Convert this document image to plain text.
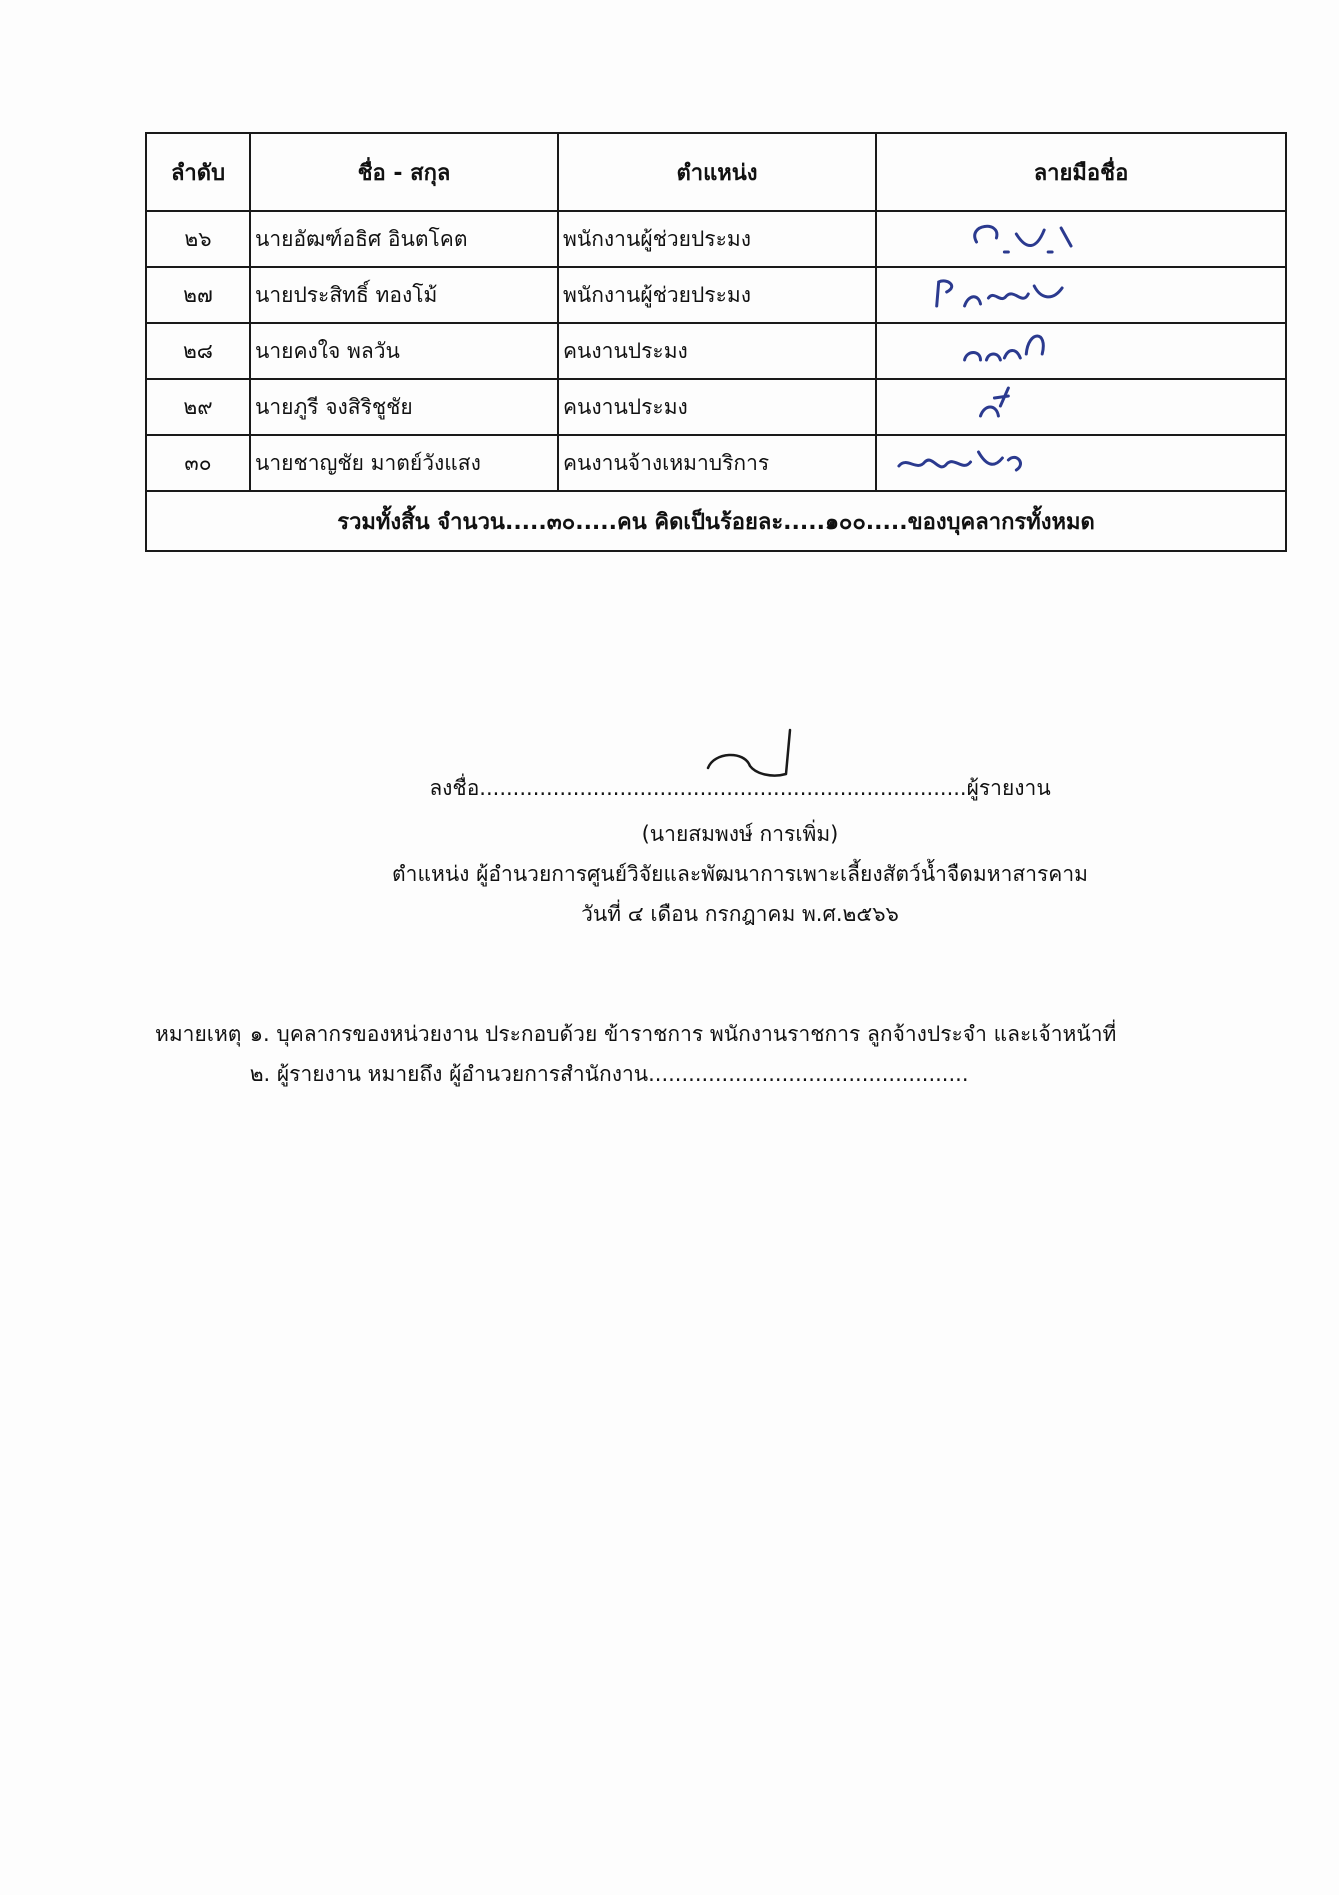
ลำดับ	ชื่อ - สกุล	ตำแหน่ง	ลายมือชื่อ
๒๖	นายอัฒฑ์อธิศ อินตโคต	พนักงานผู้ช่วยประมง	

๒๗	นายประสิทธิ์ ทองโม้	พนักงานผู้ช่วยประมง	

๒๘	นายคงใจ พลวัน	คนงานประมง	

๒๙	นายภูรี จงสิริชูชัย	คนงานประมง	

๓๐	นายชาญชัย มาตย์วังแสง	คนงานจ้างเหมาบริการ	

รวมทั้งสิ้น จำนวน.....๓๐.....คน คิดเป็นร้อยละ.....๑๐๐.....ของบุคลากรทั้งหมด			
ลงชื่อ.........................................................................ผู้รายงาน
(นายสมพงษ์ การเพิ่ม)
ตำแหน่ง ผู้อำนวยการศูนย์วิจัยและพัฒนาการเพาะเลี้ยงสัตว์น้ำจืดมหาสารคาม
วันที่ ๔ เดือน กรกฎาคม พ.ศ.๒๕๖๖
หมายเหตุ ๑. บุคลากรของหน่วยงาน ประกอบด้วย ข้าราชการ พนักงานราชการ ลูกจ้างประจำ และเจ้าหน้าที่
๒. ผู้รายงาน หมายถึง ผู้อำนวยการสำนักงาน................................................
